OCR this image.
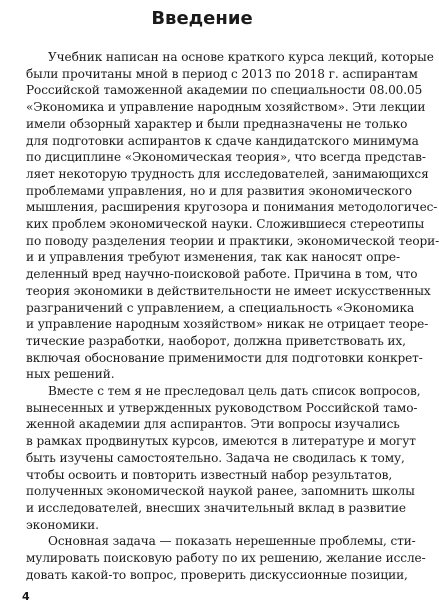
Введение
Учебник написан на основе краткого курса лекций, которые
были прочитаны мной в период с 2013 по 2018 г. аспирантам
Российской таможенной академии по специальности 08.00.05
«Экономика и управление народным хозяйством». Эти лекции
имели обзорный характер и были предназначены не только
для подготовки аспирантов к сдаче кандидатского минимума
по дисциплине «Экономическая теория», что всегда представ-
ляет некоторую трудность для исследователей, занимающихся
проблемами управления, но и для развития экономического
мышления, расширения кругозора и понимания методологичес-
ких проблем экономической науки. Сложившиеся стереотипы
по поводу разделения теории и практики, экономической теори-
и и управления требуют изменения, так как наносят опре-
деленный вред научно-поисковой работе. Причина в том, что
теория экономики в действительности не имеет искусственных
разграничений с управлением, а специальность «Экономика
и управление народным хозяйством» никак не отрицает теоре-
тические разработки, наоборот, должна приветствовать их,
включая обоснование применимости для подготовки конкрет-
ных решений.
Вместе с тем я не преследовал цель дать список вопросов,
вынесенных и утвержденных руководством Российской тамо-
женной академии для аспирантов. Эти вопросы изучались
в рамках продвинутых курсов, имеются в литературе и могут
быть изучены самостоятельно. Задача не сводилась к тому,
чтобы освоить и повторить известный набор результатов,
полученных экономической наукой ранее, запомнить школы
и исследователей, внесших значительный вклад в развитие
экономики.
Основная задача — показать нерешенные проблемы, сти-
мулировать поисковую работу по их решению, желание иссле-
довать какой-то вопрос, проверить дискуссионные позиции,
4
